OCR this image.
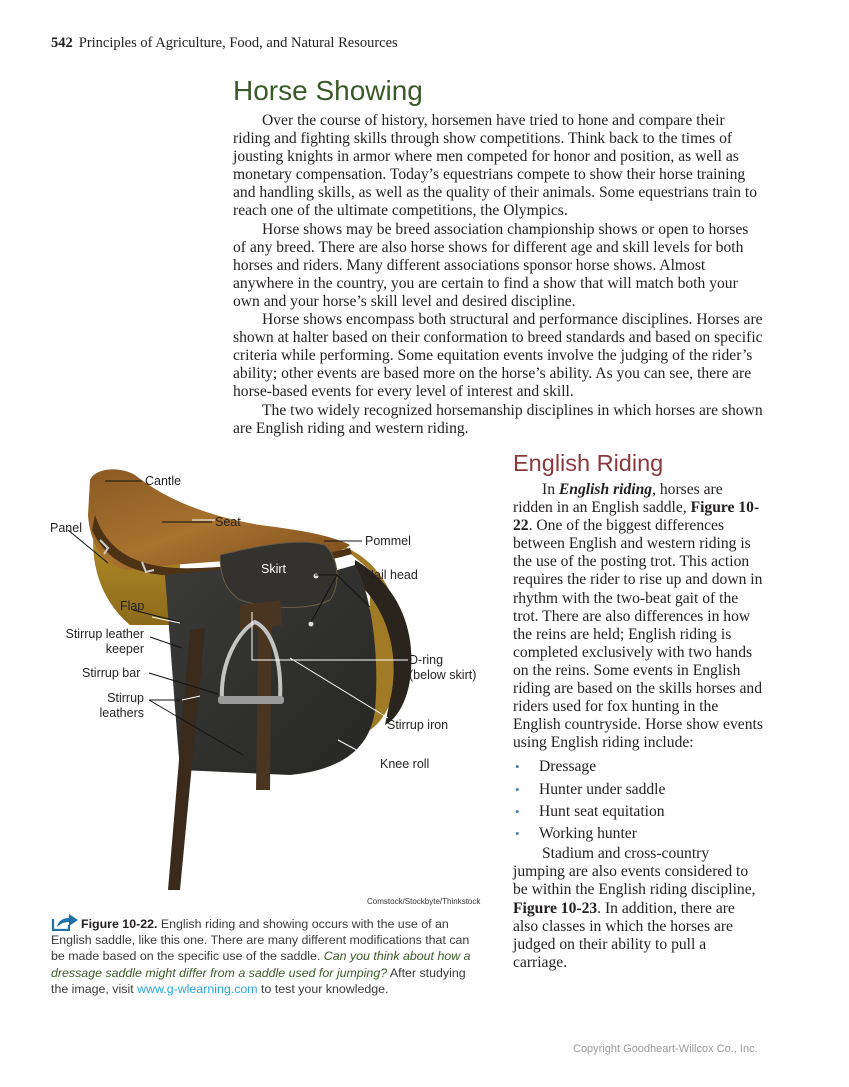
542 Principles of Agriculture, Food, and Natural Resources
Horse Showing

Over the course of history, horsemen have tried to hone and compare their riding and fighting skills through show competitions. Think back to the times of jousting knights in armor where men competed for honor and position, as well as monetary compensation. Today’s equestrians compete to show their horse training and handling skills, as well as the quality of their animals. Some equestrians train to reach one of the ultimate competitions, the Olympics.

Horse shows may be breed association championship shows or open to horses of any breed. There are also horse shows for different age and skill levels for both horses and riders. Many different associations sponsor horse shows. Almost anywhere in the country, you are certain to find a show that will match both your own and your horse’s skill level and desired discipline.

Horse shows encompass both structural and performance disciplines. Horses are shown at halter based on their conformation to breed standards and based on specific criteria while performing. Some equitation events involve the judging of the rider’s ability; other events are based more on the horse’s ability. As you can see, there are horse-based events for every level of interest and skill.

The two widely recognized horsemanship disciplines in which horses are shown are English riding and western riding.

Cantle
Seat
Panel
Pommel
Skirt	Nail head
Flap
Stirrup leather
keeper
Stirrup bar
Stirrup
leathers
D-ring
(below skirt)
Stirrup iron
Knee roll
Comstock/Stockbyte/Thinkstock
Figure 10-22. English riding and showing occurs with the use of an English saddle, like this one. There are many different modifications that can be made based on the specific use of the saddle. Can you think about how a dressage saddle might differ from a saddle used for jumping? After studying the image, visit www.g-wlearning.com to test your knowledge.
English Riding

In English riding, horses are ridden in an English saddle, Figure 10-22. One of the biggest differences between English and western riding is the use of the posting trot. This action requires the rider to rise up and down in rhythm with the two-beat gait of the trot. There are also differences in how the reins are held; English riding is completed exclusively with two hands on the reins. Some events in English riding are based on the skills horses and riders used for fox hunting in the English countryside. Horse show events using English riding include:

• Dressage
• Hunter under saddle
• Hunt seat equitation
• Working hunter

Stadium and cross-country jumping are also events considered to be within the English riding discipline, Figure 10-23. In addition, there are also classes in which the horses are judged on their ability to pull a carriage.

Copyright Goodheart-Willcox Co., Inc.
